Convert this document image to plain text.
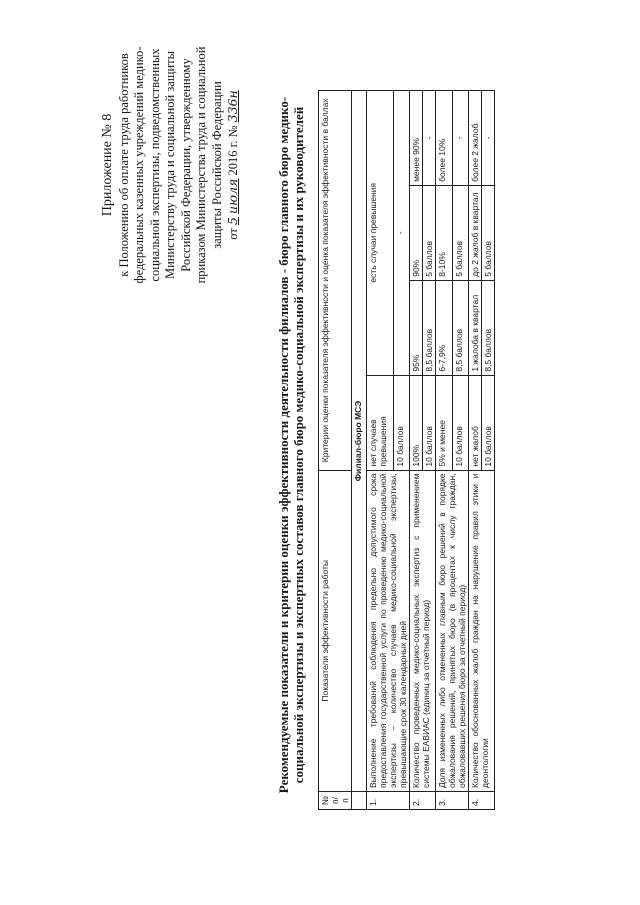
Приложение № 8 к Положению об оплате труда работников федеральных казенных учреждений медико- социальной экспертизы, подведомственных Министерству труда и социальной защиты Российской Федерации, утвержденному приказом Министерства труда и социальной защиты Российской Федерации от 5 июля 2016 г. № 336н	Рекомендуемые показатели и критерии оценки эффективности деятельности филиалов - бюро главного бюро медико- социальной экспертизы и экспертных составов главного бюро медико-социальной экспертизы и их руководителей
№ п/п	Показатели эффективности работы	Критерии оценки показателя эффективности и оценка показателя эффективности в баллах			
	Филиал-бюро МСЭ				
1.	Выполнение требований соблюдения предельно допустимого срока предоставления государственной услуги по проведению медико-социальной экспертизы – количество случаев медико-социальной экспертизы, превышающие срок 30 календарных дней	нет случаев превышения	есть случаи превышения		
		10 баллов	-		
2.	Количество проведенных медико-социальных экспертиз с применением системы ЕАВИАС (единиц за отчетный период)	100%	95%	90%	менее 90%
		10 баллов	8,5 баллов	5 баллов	-
3.	Доля измененных либо отмененных главным бюро решений в порядке обжалования решений, принятых бюро (в процентах к числу граждан, обжаловавших решения бюро за отчетный период)	5% и менее	6-7,9%	8-10%	более 10%
		10 баллов	8,5 баллов	5 баллов	-
4.	Количество обоснованных жалоб граждан на нарушение правил этики и деонтологии	нет жалоб	1 жалоба в квартал	до 2 жалоб в квартал	более 2 жалоб
		10 баллов	8,5 баллов	5 баллов	-
